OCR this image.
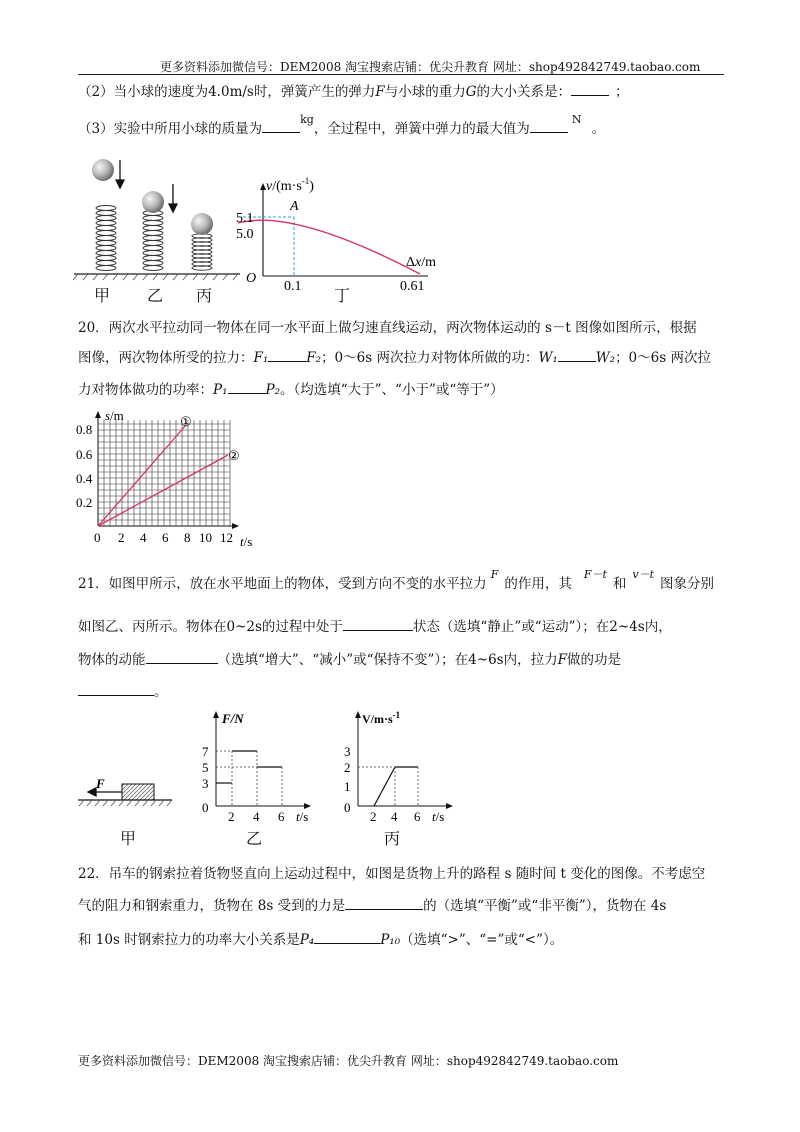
更多资料添加微信号：DEM2008 淘宝搜索店铺：优尖升教育 网址：shop492842749.taobao.com
（2）当小球的速度为4.0m/s时，弹簧产生的弹力F与小球的重力G的大小关系是：	；
（3）实验中所用小球的质量为$^{kg}$，全过程中，弹簧中弹力的最大值为$^N$。
$v/(m\cdot s^{-1})$
A
5.1
5.0
O
0.1	0.61
Δx/m
甲 乙 丙	丁
20．两次水平拉动同一物体在同一水平面上做匀速直线运动，两次物体运动的 s－t 图像如图所示，根据
图像，两次物体所受的拉力：F₁	F₂；0～6s 两次拉力对物体所做的功：W₁	W₂；0～6s 两次拉
力对物体做功的功率：P₁	P₂。（均选填“大于”、“小于”或“等于”）
s/m
0.8
0.6
0.4
0.2
0 2 4 6 8 10 12 t/s
①
②
21．如图甲所示，放在水平地面上的物体，受到方向不变的水平拉力$^F$的作用，其$^{F-t}$和$^{v-t}$图象分别
如图乙、丙所示。物体在0~2s的过程中处于	状态（选填“静止”或“运动”）；在2~4s内，
物体的动能	（选填“增大”、“减小”或“保持不变”）；在4~6s内，拉力F做的功是
。
F
甲
F/N
7
5
3
0
2 4 6 t/s
乙
$V/m\cdot s^{-1}$
3
2
1
0
2 4 6 t/s
丙
22．吊车的钢索拉着货物竖直向上运动过程中，如图是货物上升的路程 s 随时间 t 变化的图像。不考虑空
气的阻力和钢索重力，货物在 8s 受到的力是	的（选填“平衡”或“非平衡”），货物在 4s
和 10s 时钢索拉力的功率大小关系是P₄	P₁₀（选填“>”、“=”或“<”）。
更多资料添加微信号：DEM2008 淘宝搜索店铺：优尖升教育 网址：shop492842749.taobao.com
